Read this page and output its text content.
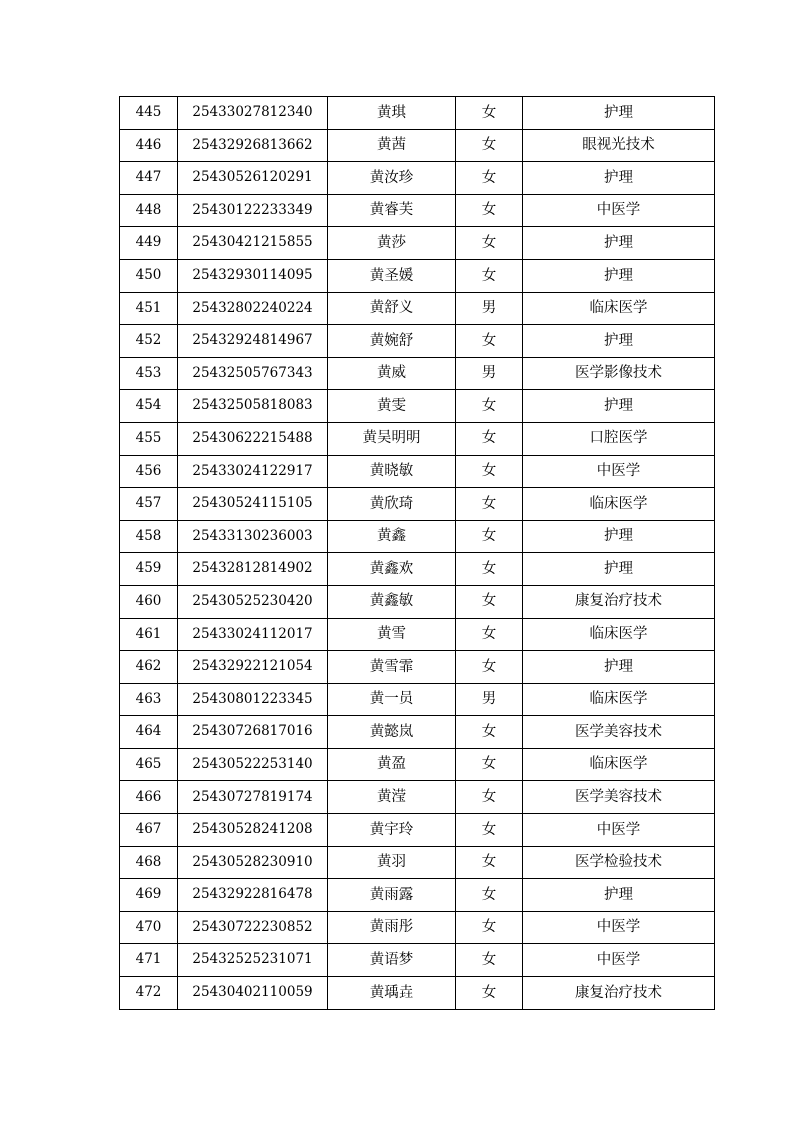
445	25433027812340	黄琪	女	护理
446	25432926813662	黄茜	女	眼视光技术
447	25430526120291	黄汝珍	女	护理
448	25430122233349	黄睿芙	女	中医学
449	25430421215855	黄莎	女	护理
450	25432930114095	黄圣媛	女	护理
451	25432802240224	黄舒义	男	临床医学
452	25432924814967	黄婉舒	女	护理
453	25432505767343	黄威	男	医学影像技术
454	25432505818083	黄雯	女	护理
455	25430622215488	黄吴明明	女	口腔医学
456	25433024122917	黄晓敏	女	中医学
457	25430524115105	黄欣琦	女	临床医学
458	25433130236003	黄鑫	女	护理
459	25432812814902	黄鑫欢	女	护理
460	25430525230420	黄鑫敏	女	康复治疗技术
461	25433024112017	黄雪	女	临床医学
462	25432922121054	黄雪霏	女	护理
463	25430801223345	黄一员	男	临床医学
464	25430726817016	黄懿岚	女	医学美容技术
465	25430522253140	黄盈	女	临床医学
466	25430727819174	黄滢	女	医学美容技术
467	25430528241208	黄宇玲	女	中医学
468	25430528230910	黄羽	女	医学检验技术
469	25432922816478	黄雨露	女	护理
470	25430722230852	黄雨彤	女	中医学
471	25432525231071	黄语梦	女	中医学
472	25430402110059	黄瑀垚	女	康复治疗技术
